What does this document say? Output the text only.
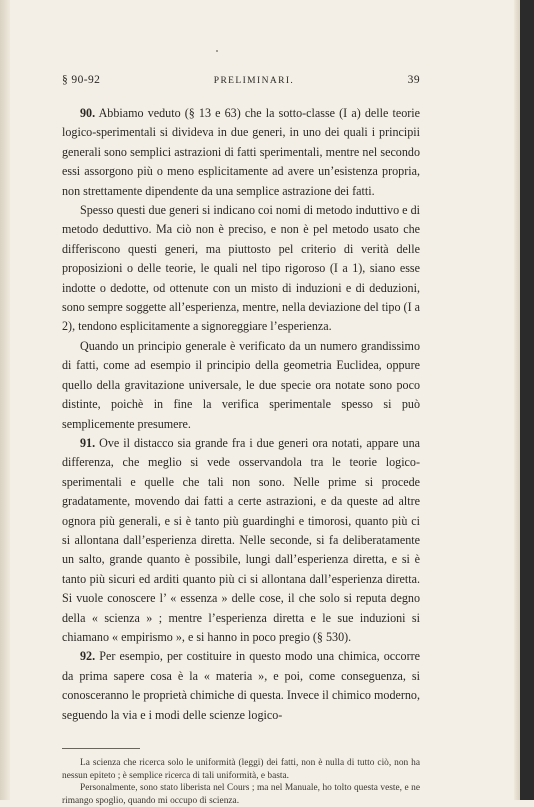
§ 90-92	PRELIMINARI.	39

90. Abbiamo veduto (§ 13 e 63) che la sotto-classe (I a) delle teorie logico-sperimentali si divideva in due generi, in uno dei quali i principii generali sono semplici astrazioni di fatti sperimentali, mentre nel secondo essi assorgono più o meno esplicitamente ad avere un’esistenza propria, non strettamente dipendente da una semplice astrazione dei fatti.

Spesso questi due generi si indicano coi nomi di metodo induttivo e di metodo deduttivo. Ma ciò non è preciso, e non è pel metodo usato che differiscono questi generi, ma piuttosto pel criterio di verità delle proposizioni o delle teorie, le quali nel tipo rigoroso (I a 1), siano esse indotte o dedotte, od ottenute con un misto di induzioni e di deduzioni, sono sempre soggette all’esperienza, mentre, nella deviazione del tipo (I a 2), tendono esplicitamente a signoreggiare l’esperienza.

Quando un principio generale è verificato da un numero grandissimo di fatti, come ad esempio il principio della geometria Euclidea, oppure quello della gravitazione universale, le due specie ora notate sono poco distinte, poichè in fine la verifica sperimentale spesso si può semplicemente presumere.

91. Ove il distacco sia grande fra i due generi ora notati, appare una differenza, che meglio si vede osservandola tra le teorie logico-sperimentali e quelle che tali non sono. Nelle prime si procede gradatamente, movendo dai fatti a certe astrazioni, e da queste ad altre ognora più generali, e si è tanto più guardinghi e timorosi, quanto più ci si allontana dall’esperienza diretta. Nelle seconde, si fa deliberatamente un salto, grande quanto è possibile, lungi dall’esperienza diretta, e si è tanto più sicuri ed arditi quanto più ci si allontana dall’esperienza diretta. Si vuole conoscere l’ « essenza » delle cose, il che solo si reputa degno della « scienza » ; mentre l’esperienza diretta e le sue induzioni si chiamano « empirismo », e si hanno in poco pregio (§ 530).

92. Per esempio, per costituire in questo modo una chimica, occorre da prima sapere cosa è la « materia », e poi, come conseguenza, si conosceranno le proprietà chimiche di questa. Invece il chimico moderno, seguendo la via e i modi delle scienze logico-

La scienza che ricerca solo le uniformità (leggi) dei fatti, non è nulla di tutto ciò, non ha nessun epiteto ; è semplice ricerca di tali uniformità, e basta.

Personalmente, sono stato liberista nel Cours ; ma nel Manuale, ho tolto questa veste, e ne rimango spoglio, quando mi occupo di scienza.
